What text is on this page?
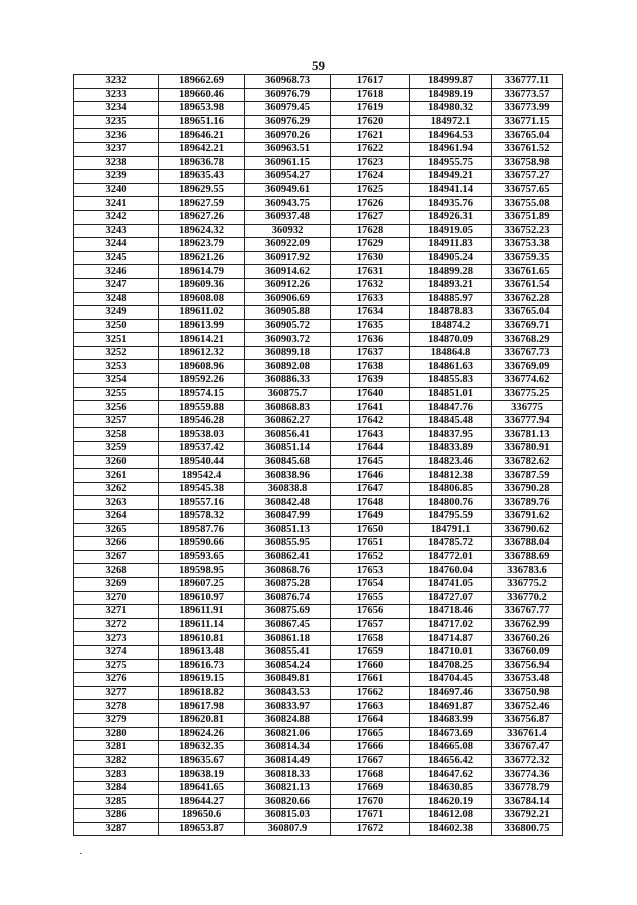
59
3232	189662.69	360968.73	17617	184999.87	336777.11
3233	189660.46	360976.79	17618	184989.19	336773.57
3234	189653.98	360979.45	17619	184980.32	336773.99
3235	189651.16	360976.29	17620	184972.1	336771.15
3236	189646.21	360970.26	17621	184964.53	336765.04
3237	189642.21	360963.51	17622	184961.94	336761.52
3238	189636.78	360961.15	17623	184955.75	336758.98
3239	189635.43	360954.27	17624	184949.21	336757.27
3240	189629.55	360949.61	17625	184941.14	336757.65
3241	189627.59	360943.75	17626	184935.76	336755.08
3242	189627.26	360937.48	17627	184926.31	336751.89
3243	189624.32	360932	17628	184919.05	336752.23
3244	189623.79	360922.09	17629	184911.83	336753.38
3245	189621.26	360917.92	17630	184905.24	336759.35
3246	189614.79	360914.62	17631	184899.28	336761.65
3247	189609.36	360912.26	17632	184893.21	336761.54
3248	189608.08	360906.69	17633	184885.97	336762.28
3249	189611.02	360905.88	17634	184878.83	336765.04
3250	189613.99	360905.72	17635	184874.2	336769.71
3251	189614.21	360903.72	17636	184870.09	336768.29
3252	189612.32	360899.18	17637	184864.8	336767.73
3253	189608.96	360892.08	17638	184861.63	336769.09
3254	189592.26	360886.33	17639	184855.83	336774.62
3255	189574.15	360875.7	17640	184851.01	336775.25
3256	189559.88	360868.83	17641	184847.76	336775
3257	189546.28	360862.27	17642	184845.48	336777.94
3258	189538.03	360856.41	17643	184837.95	336781.13
3259	189537.42	360851.14	17644	184833.89	336780.91
3260	189540.44	360845.68	17645	184823.46	336782.62
3261	189542.4	360838.96	17646	184812.38	336787.59
3262	189545.38	360838.8	17647	184806.85	336790.28
3263	189557.16	360842.48	17648	184800.76	336789.76
3264	189578.32	360847.99	17649	184795.59	336791.62
3265	189587.76	360851.13	17650	184791.1	336790.62
3266	189590.66	360855.95	17651	184785.72	336788.04
3267	189593.65	360862.41	17652	184772.01	336788.69
3268	189598.95	360868.76	17653	184760.04	336783.6
3269	189607.25	360875.28	17654	184741.05	336775.2
3270	189610.97	360876.74	17655	184727.07	336770.2
3271	189611.91	360875.69	17656	184718.46	336767.77
3272	189611.14	360867.45	17657	184717.02	336762.99
3273	189610.81	360861.18	17658	184714.87	336760.26
3274	189613.48	360855.41	17659	184710.01	336760.09
3275	189616.73	360854.24	17660	184708.25	336756.94
3276	189619.15	360849.81	17661	184704.45	336753.48
3277	189618.82	360843.53	17662	184697.46	336750.98
3278	189617.98	360833.97	17663	184691.87	336752.46
3279	189620.81	360824.88	17664	184683.99	336756.87
3280	189624.26	360821.06	17665	184673.69	336761.4
3281	189632.35	360814.34	17666	184665.08	336767.47
3282	189635.67	360814.49	17667	184656.42	336772.32
3283	189638.19	360818.33	17668	184647.62	336774.36
3284	189641.65	360821.13	17669	184630.85	336778.79
3285	189644.27	360820.66	17670	184620.19	336784.14
3286	189650.6	360815.03	17671	184612.08	336792.21
3287	189653.87	360807.9	17672	184602.38	336800.75
·
